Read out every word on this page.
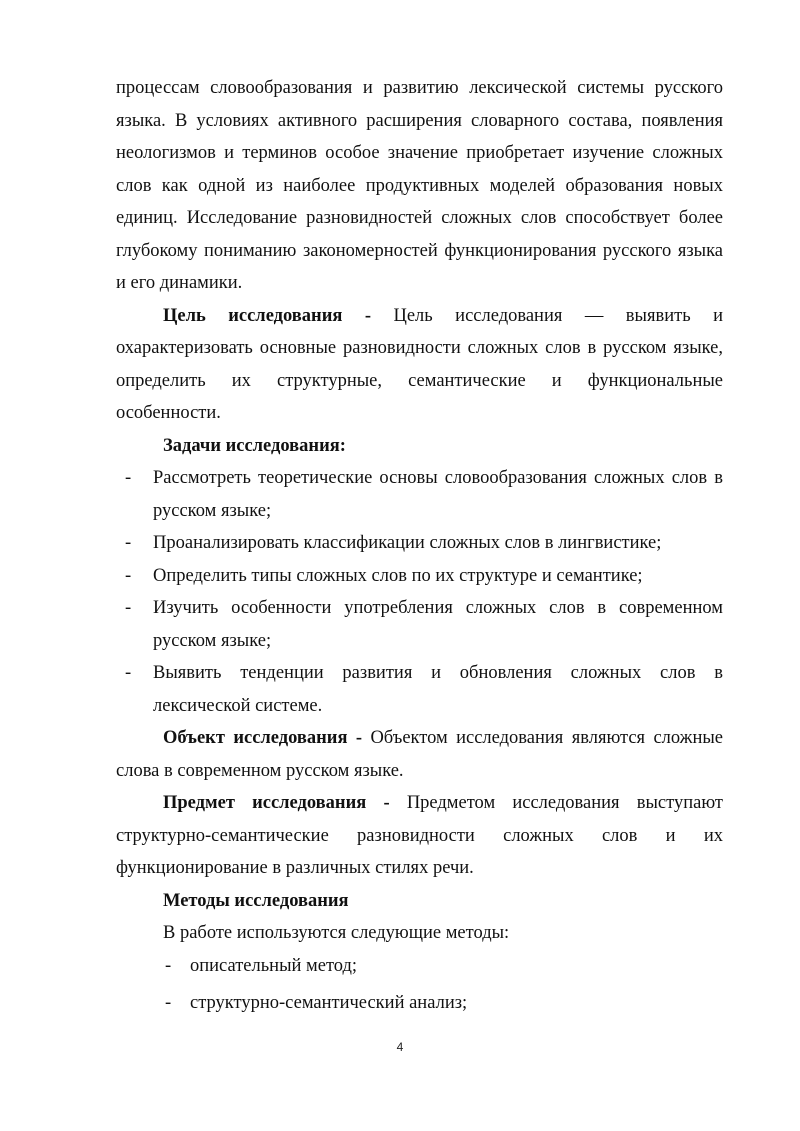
процессам словообразования и развитию лексической системы русского

языка. В условиях активного расширения словарного состава, появления

неологизмов и терминов особое значение приобретает изучение сложных

слов как одной из наиболее продуктивных моделей образования новых

единиц. Исследование разновидностей сложных слов способствует более

глубокому пониманию закономерностей функционирования русского языка

и его динамики.

Цель исследования - Цель исследования — выявить и

охарактеризовать основные разновидности сложных слов в русском языке,

определить их структурные, семантические и функциональные

особенности.

Задачи исследования:

- Рассмотреть теоретические основы словообразования сложных слов в русском языке;
- Проанализировать классификации сложных слов в лингвистике;
- Определить типы сложных слов по их структуре и семантике;
- Изучить особенности употребления сложных слов в современном русском языке;
- Выявить тенденции развития и обновления сложных слов в лексической системе.

Объект исследования - Объектом исследования являются сложные

слова в современном русском языке.

Предмет исследования - Предметом исследования выступают

структурно-семантические разновидности сложных слов и их

функционирование в различных стилях речи.

Методы исследования

В работе используются следующие методы:

- описательный метод;
- структурно-семантический анализ;
4
